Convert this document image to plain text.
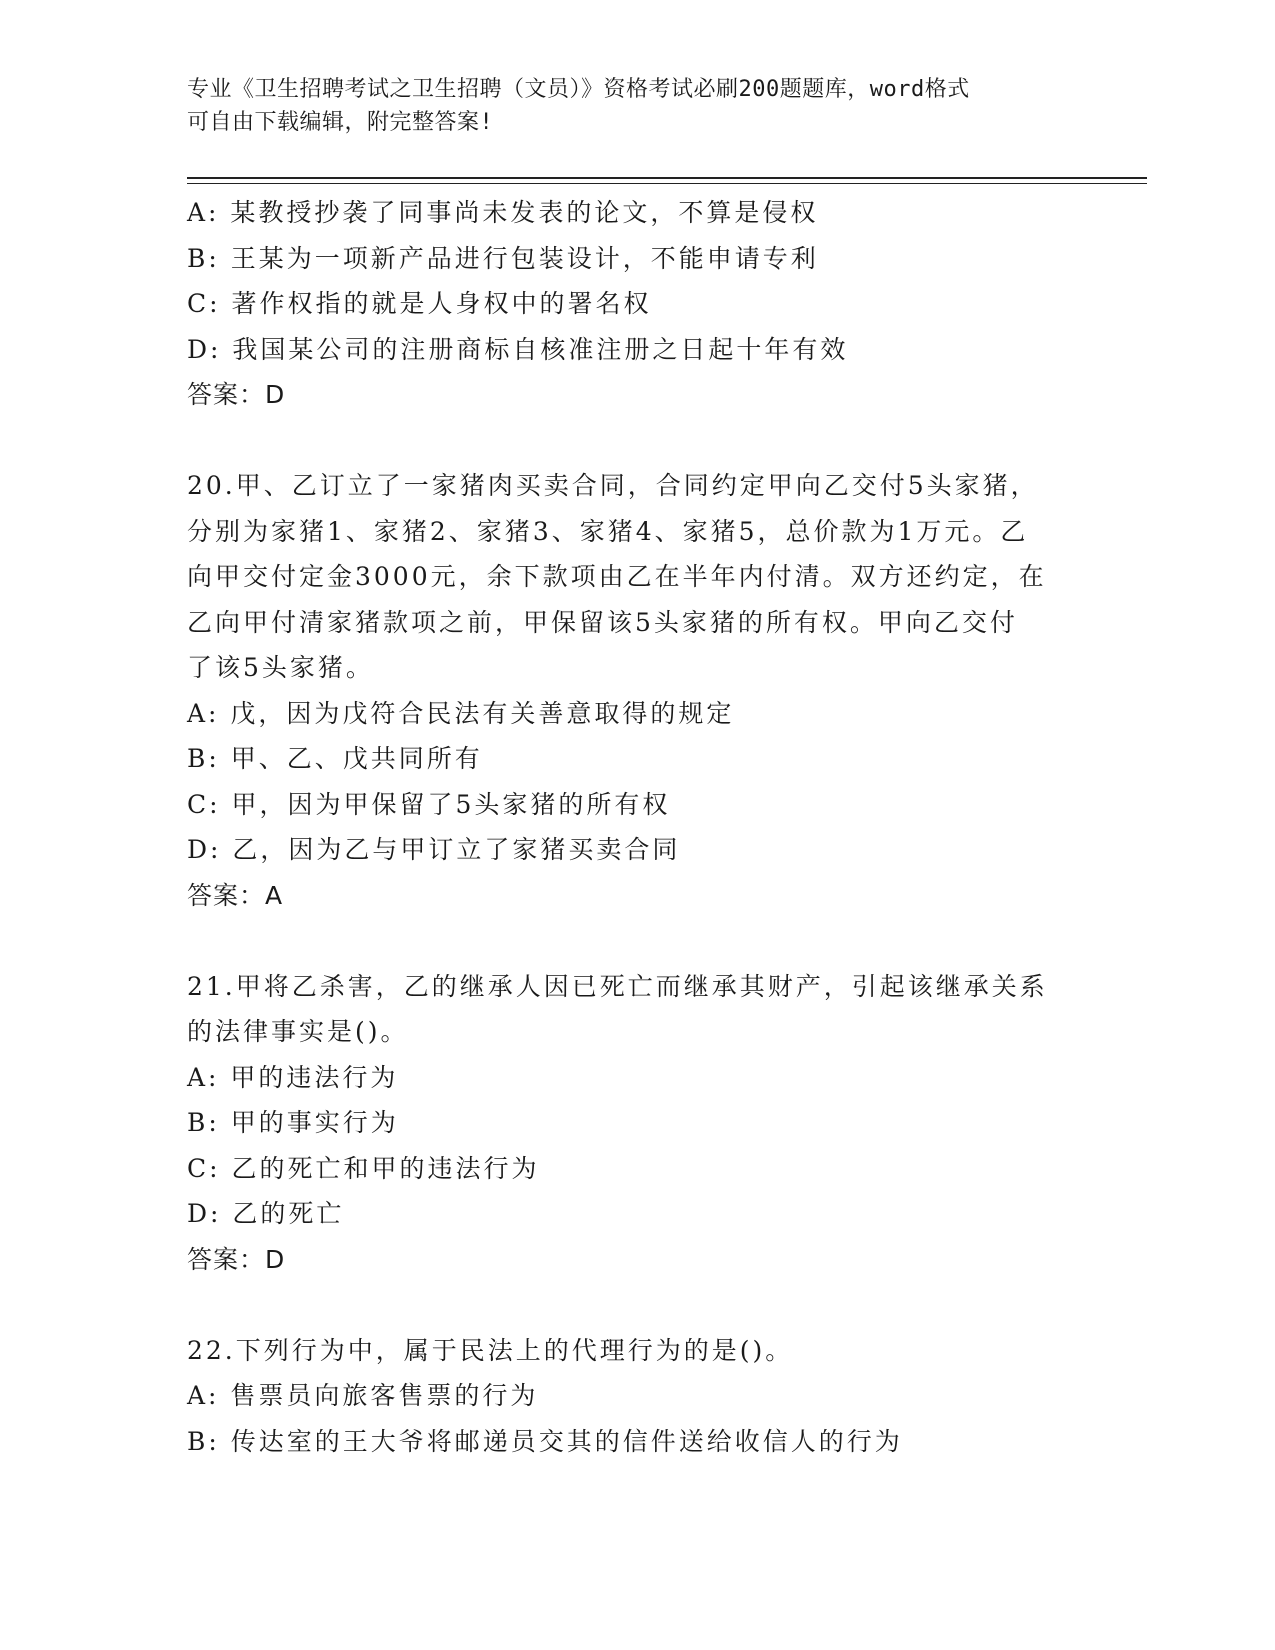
专业《卫生招聘考试之卫生招聘（文员）》资格考试必刷200题题库，word格式
可自由下载编辑，附完整答案!
A: 某教授抄袭了同事尚未发表的论文，不算是侵权
B: 王某为一项新产品进行包装设计，不能申请专利
C: 著作权指的就是人身权中的署名权
D: 我国某公司的注册商标自核准注册之日起十年有效
答案：D
20.甲、乙订立了一家猪肉买卖合同，合同约定甲向乙交付5头家猪，
分别为家猪1、家猪2、家猪3、家猪4、家猪5，总价款为1万元。乙
向甲交付定金3000元，余下款项由乙在半年内付清。双方还约定，在
乙向甲付清家猪款项之前，甲保留该5头家猪的所有权。甲向乙交付
了该5头家猪。
A: 戊，因为戊符合民法有关善意取得的规定
B: 甲、乙、戊共同所有
C: 甲，因为甲保留了5头家猪的所有权
D: 乙，因为乙与甲订立了家猪买卖合同
答案：A
21.甲将乙杀害，乙的继承人因已死亡而继承其财产，引起该继承关系
的法律事实是()。
A: 甲的违法行为
B: 甲的事实行为
C: 乙的死亡和甲的违法行为
D: 乙的死亡
答案：D
22.下列行为中，属于民法上的代理行为的是()。
A: 售票员向旅客售票的行为
B: 传达室的王大爷将邮递员交其的信件送给收信人的行为
